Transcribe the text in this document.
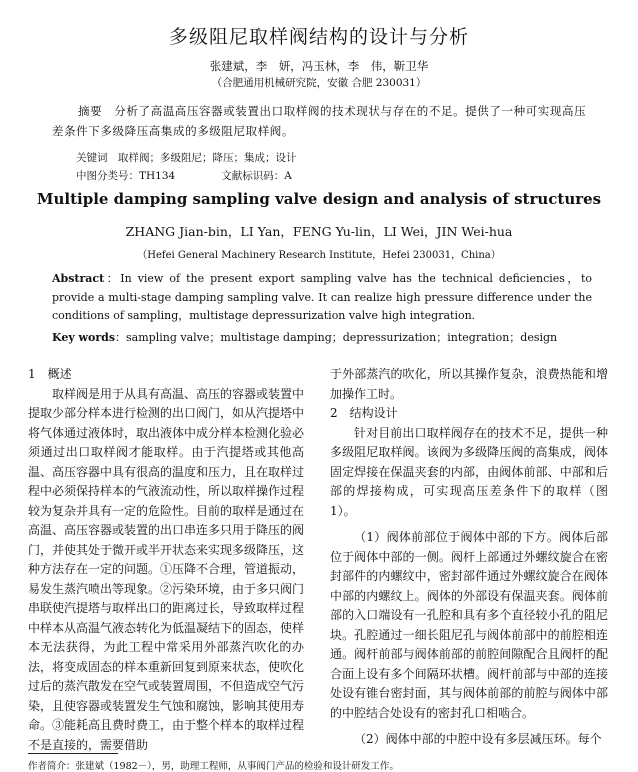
多级阻尼取样阀结构的设计与分析
张建斌，李　妍，冯玉林，李　伟，靳卫华
（合肥通用机械研究院，安徽 合肥 230031）
摘要　分析了高温高压容器或装置出口取样阀的技术现状与存在的不足。提供了一种可实现高压差条件下多级降压高集成的多级阻尼取样阀。
关键词　取样阀；多级阻尼；降压；集成；设计
中图分类号：TH134	文献标识码：A
Multiple damping sampling valve design and analysis of structures
ZHANG Jian-bin，LI Yan，FENG Yu-lin，LI Wei，JIN Wei-hua
（Hefei General Machinery Research Institute，Hefei 230031，China）
Abstract：In view of the present export sampling valve has the technical deficiencies，to provide a multi-stage damping sampling valve. It can realize high pressure difference under the conditions of sampling，multistage depressurization valve high integration.
Key words：sampling valve；multistage damping；depressurization；integration；design
1　概述

取样阀是用于从具有高温、高压的容器或装置中提取少部分样本进行检测的出口阀门，如从汽提塔中将气体通过液体时，取出液体中成分样本检测化验必须通过出口取样阀才能取样。由于汽提塔或其他高温、高压容器中具有很高的温度和压力，且在取样过程中必须保持样本的气液流动性，所以取样操作过程较为复杂并具有一定的危险性。目前的取样是通过在高温、高压容器或装置的出口串连多只用于降压的阀门，并使其处于微开或半开状态来实现多级降压，这种方法存在一定的问题。①压降不合理，管道振动，易发生蒸汽喷出等现象。②污染环境，由于多只阀门串联使汽提塔与取样出口的距离过长，导致取样过程中样本从高温气液态转化为低温凝结下的固态，使样本无法获得，为此工程中常采用外部蒸汽吹化的办法，将变成固态的样本重新回复到原来状态，使吹化过后的蒸汽散发在空气或装置周围，不但造成空气污染，且使容器或装置发生气蚀和腐蚀，影响其使用寿命。③能耗高且费时费工，由于整个样本的取样过程不是直接的，需要借助

于外部蒸汽的吹化，所以其操作复杂，浪费热能和增加操作工时。

2　结构设计

针对目前出口取样阀存在的技术不足，提供一种多级阻尼取样阀。该阀为多级降压阀的高集成，阀体固定焊接在保温夹套的内部，由阀体前部、中部和后部的焊接构成，可实现高压差条件下的取样（图 1）。

（1）阀体前部位于阀体中部的下方。阀体后部位于阀体中部的一侧。阀杆上部通过外螺纹旋合在密封部件的内螺纹中，密封部件通过外螺纹旋合在阀体中部的内螺纹上。阀体的外部设有保温夹套。阀体前部的入口端设有一孔腔和具有多个直径较小孔的阻尼块。孔腔通过一细长阻尼孔与阀体前部中的前腔相连通。阀杆前部与阀体前部的前腔间隙配合且阀杆的配合面上设有多个间隔环状槽。阀杆前部与中部的连接处设有锥台密封面，其与阀体前部的前腔与阀体中部的中腔结合处设有的密封孔口相啮合。

（2）阀体中部的中腔中设有多层减压环。每个

作者简介：张建斌（1982－），男，助理工程师，从事阀门产品的检验和设计研发工作。
